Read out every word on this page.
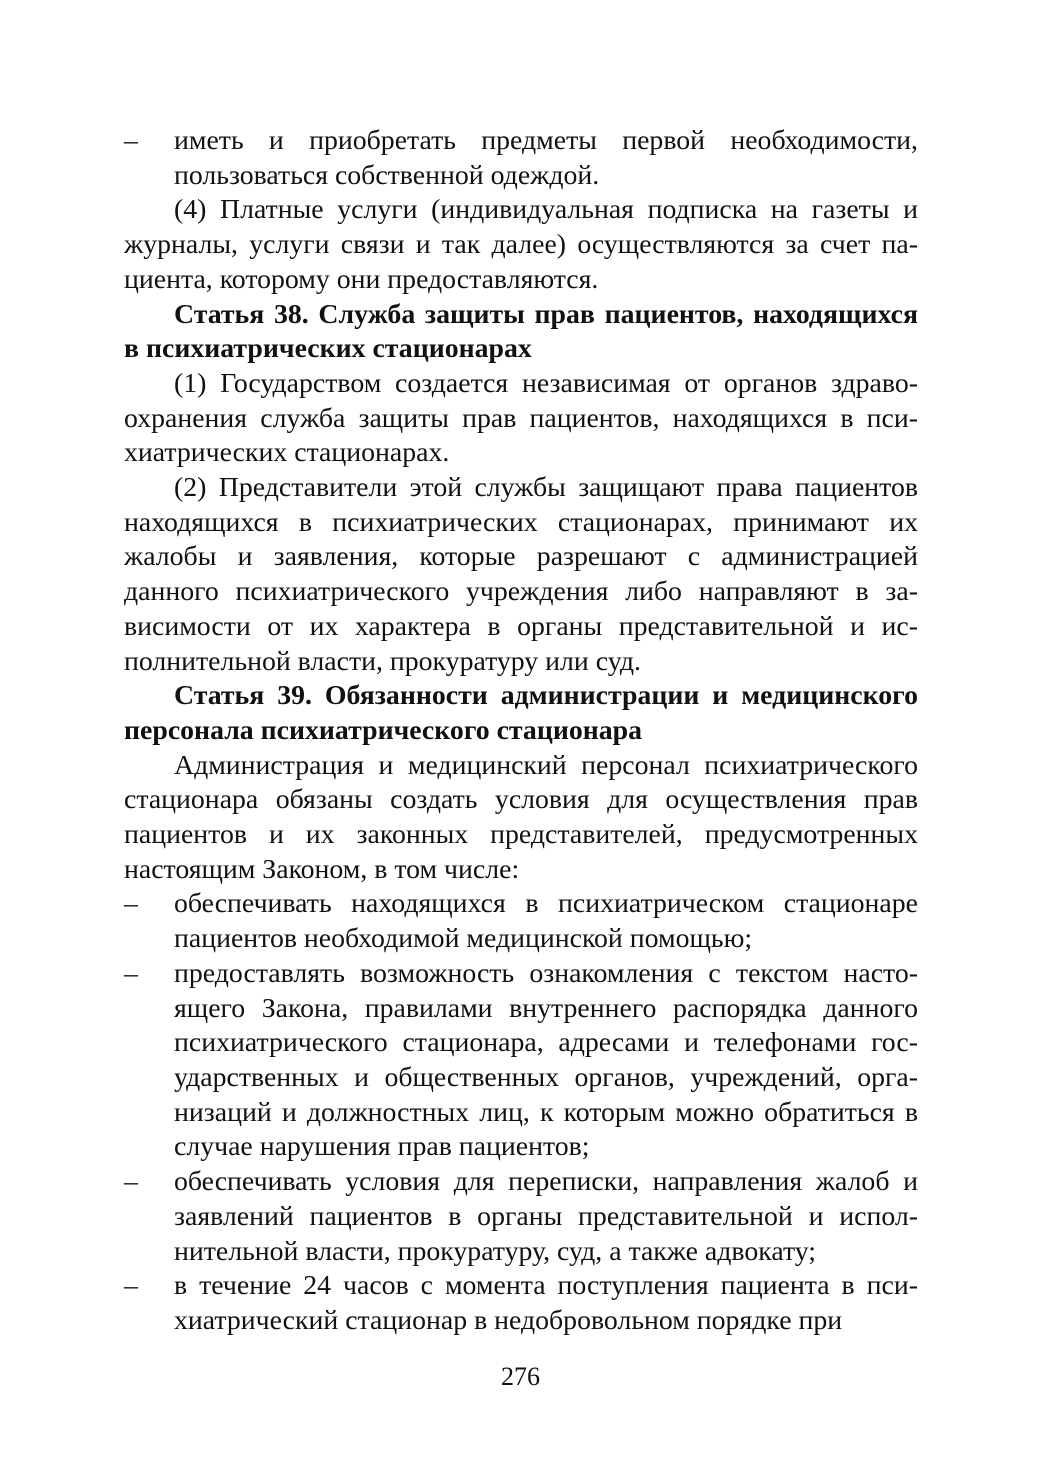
– иметь и приобретать предметы первой необходимости, пользоваться собственной одеждой.

(4) Платные услуги (индивидуальная подписка на газеты и журналы, услуги связи и так далее) осуществляются за счет пациента, которому они предоставляются.

Статья 38. Служба защиты прав пациентов, находящихся в психиатрических стационарах

(1) Государством создается независимая от органов здравоохранения служба защиты прав пациентов, находящихся в психиатрических стационарах.

(2) Представители этой службы защищают права пациентов находящихся в психиатрических стационарах, принимают их жалобы и заявления, которые разрешают с администрацией данного психиатрического учреждения либо направляют в зависимости от их характера в органы представительной и исполнительной власти, прокуратуру или суд.

Статья 39. Обязанности администрации и медицинского персонала психиатрического стационара

Администрация и медицинский персонал психиатрического стационара обязаны создать условия для осуществления прав пациентов и их законных представителей, предусмотренных настоящим Законом, в том числе:

– обеспечивать находящихся в психиатрическом стационаре пациентов необходимой медицинской помощью;

– предоставлять возможность ознакомления с текстом настоящего Закона, правилами внутреннего распорядка данного психиатрического стационара, адресами и телефонами государственных и общественных органов, учреждений, организаций и должностных лиц, к которым можно обратиться в случае нарушения прав пациентов;

– обеспечивать условия для переписки, направления жалоб и заявлений пациентов в органы представительной и исполнительной власти, прокуратуру, суд, а также адвокату;

– в течение 24 часов с момента поступления пациента в психиатрический стационар в недобровольном порядке при

276
